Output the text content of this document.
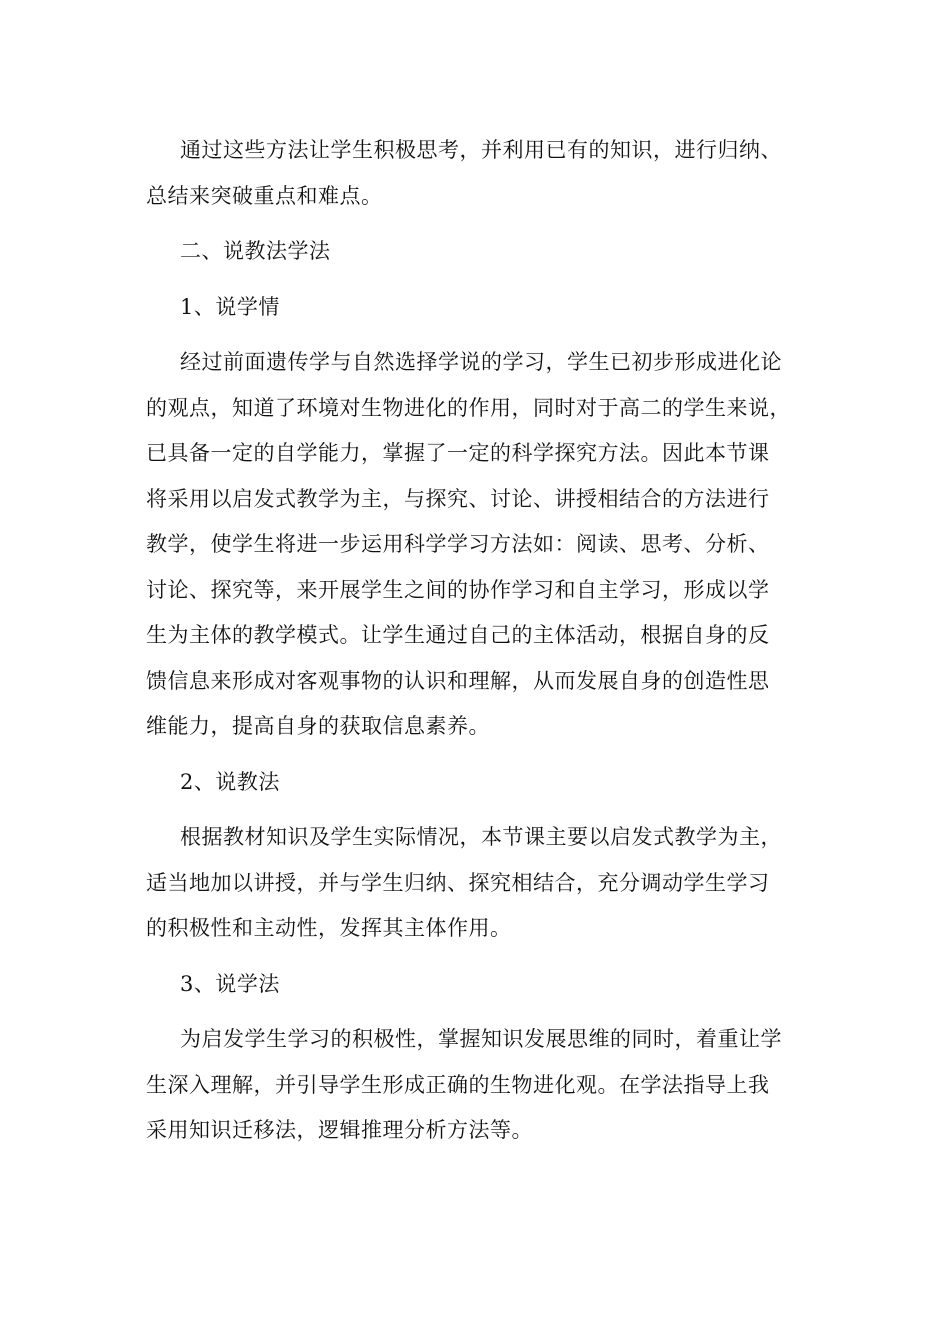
通过这些方法让学生积极思考，并利用已有的知识，进行归纳、
总结来突破重点和难点。

二、说教法学法

1、说学情

经过前面遗传学与自然选择学说的学习，学生已初步形成进化论
的观点，知道了环境对生物进化的作用，同时对于高二的学生来说，
已具备一定的自学能力，掌握了一定的科学探究方法。因此本节课
将采用以启发式教学为主，与探究、讨论、讲授相结合的方法进行
教学，使学生将进一步运用科学学习方法如：阅读、思考、分析、
讨论、探究等，来开展学生之间的协作学习和自主学习，形成以学
生为主体的教学模式。让学生通过自己的主体活动，根据自身的反
馈信息来形成对客观事物的认识和理解，从而发展自身的创造性思
维能力，提高自身的获取信息素养。

2、说教法

根据教材知识及学生实际情况，本节课主要以启发式教学为主，
适当地加以讲授，并与学生归纳、探究相结合，充分调动学生学习
的积极性和主动性，发挥其主体作用。

3、说学法

为启发学生学习的积极性，掌握知识发展思维的同时，着重让学
生深入理解，并引导学生形成正确的生物进化观。在学法指导上我
采用知识迁移法，逻辑推理分析方法等。
